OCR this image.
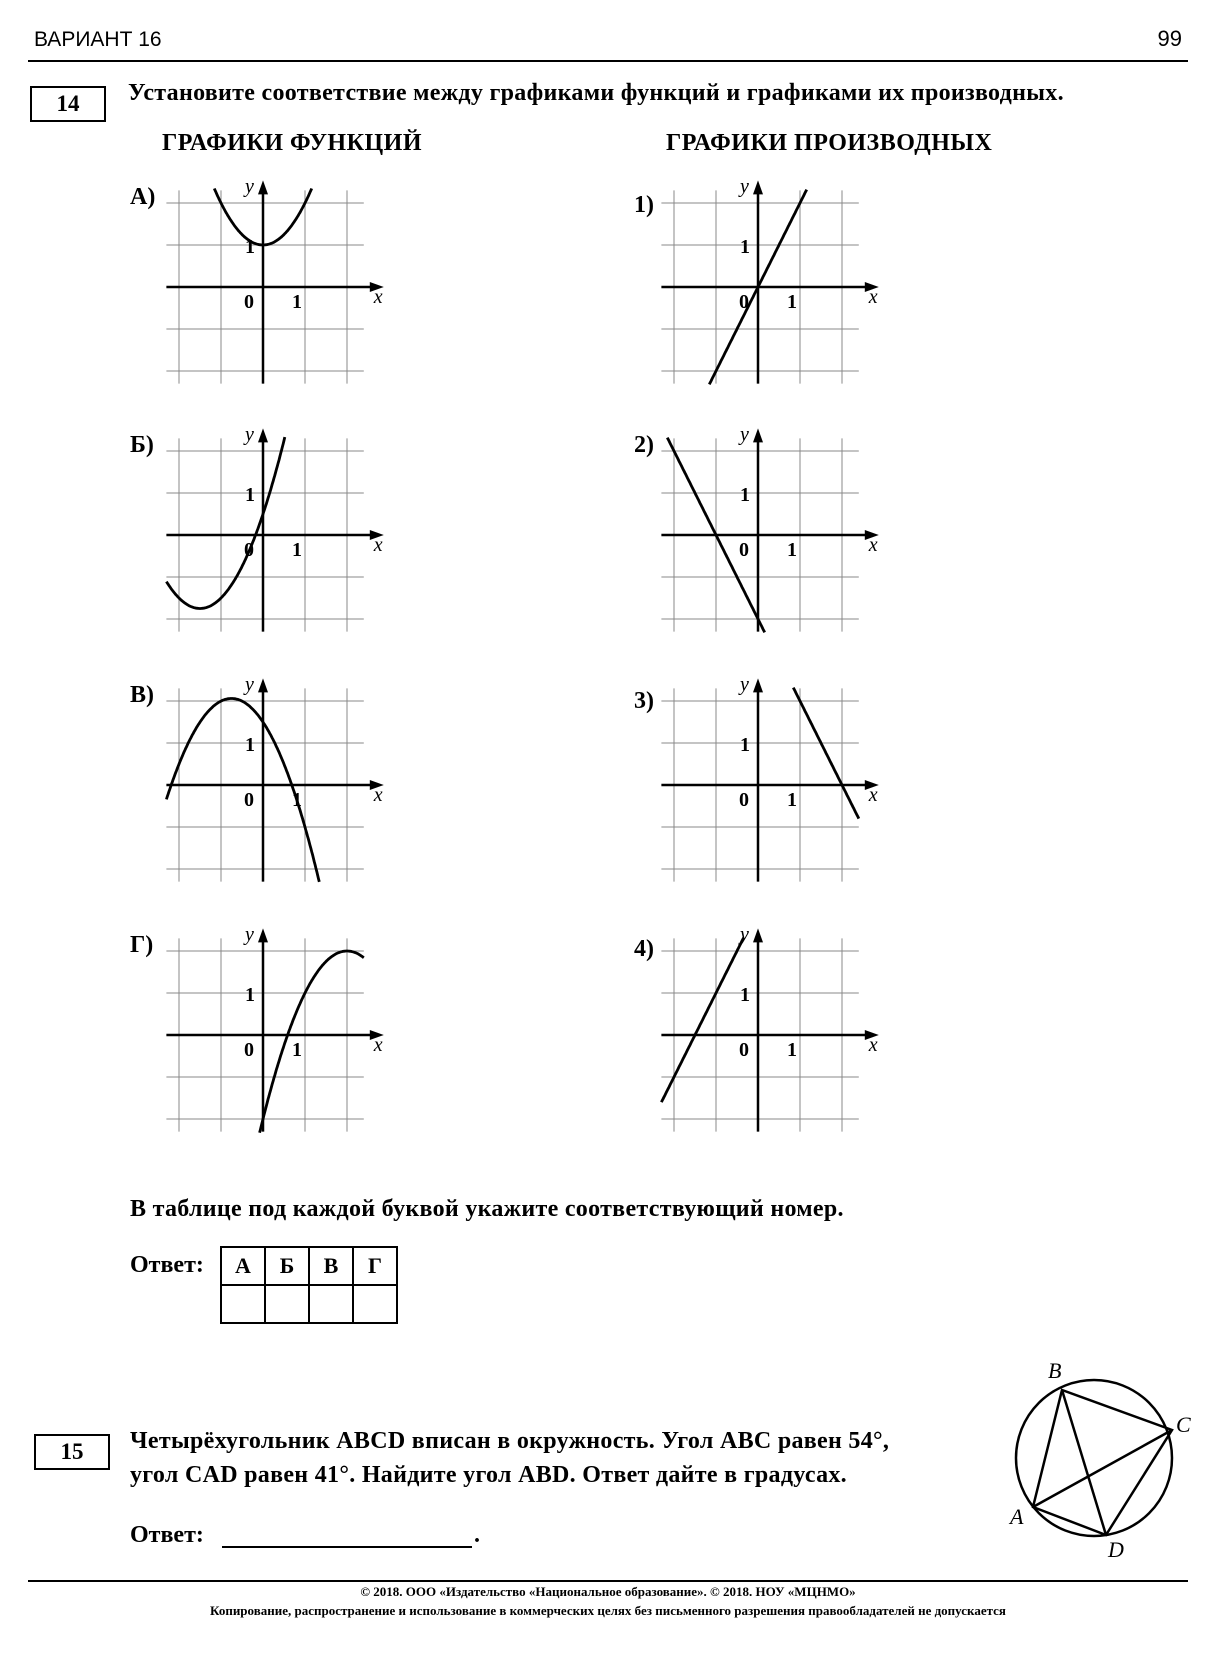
ВАРИАНТ 16	99
14	Установите соответствие между графиками функций и графиками их производных.
ГРАФИКИ ФУНКЦИЙ	ГРАФИКИ ПРОИЗВОДНЫХ
А)
Б)
В)
Г)
1)
2)
3)
4)
x
y
0 1
1
x
y
0 1
1
x
y
0 1
1
x
y
0 1
1
x
y
0 1
1
x
y
0 1
1
x
y
0 1
1
x
y
0 1
1
В таблице под каждой буквой укажите соответствующий номер.
Ответ: А	Б	В	Г

15	Четырёхугольник ABCD вписан в окружность. Угол ABC равен 54°,
угол CAD равен 41°. Найдите угол ABD. Ответ дайте в градусах.
Ответ:	.
A
B
C
D
© 2018. ООО «Издательство «Национальное образование». © 2018. НОУ «МЦНМО»
Копирование, распространение и использование в коммерческих целях без письменного разрешения правообладателей не допускается
